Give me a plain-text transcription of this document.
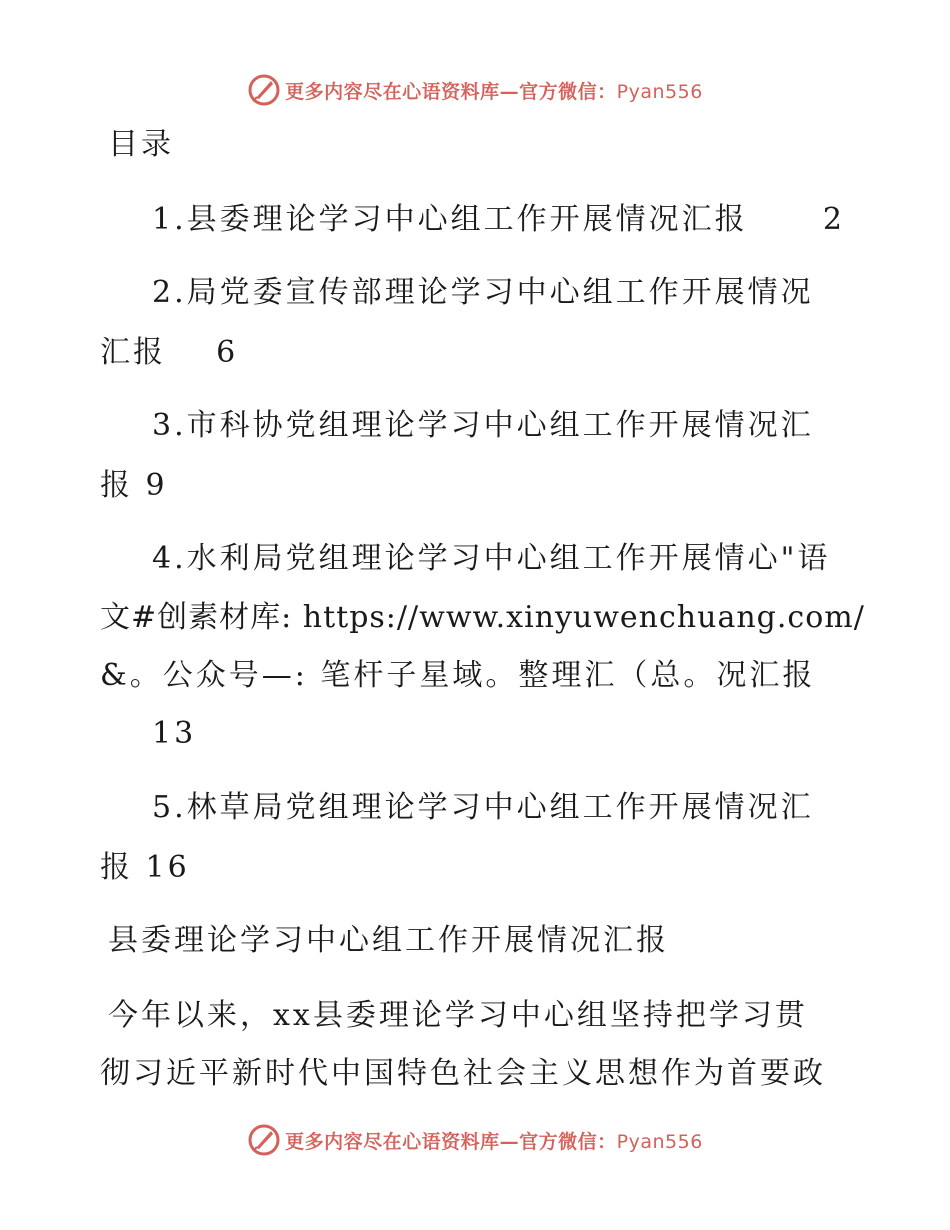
更多内容尽在心语资料库—官方微信：Pyan556
目录
1.县委理论学习中心组工作开展情况汇报      2
2.局党委宣传部理论学习中心组工作开展情况
汇报    6
3.市科协党组理论学习中心组工作开展情况汇
报 9
4.水利局党组理论学习中心组工作开展情心"语
文#创素材库: https://www.xinyuwenchuang.com/
&。公众号—: 笔杆子星域。整理汇（总。况汇报
13
5.林草局党组理论学习中心组工作开展情况汇
报 16
县委理论学习中心组工作开展情况汇报
今年以来，xx县委理论学习中心组坚持把学习贯
彻习近平新时代中国特色社会主义思想作为首要政
更多内容尽在心语资料库—官方微信：Pyan556
